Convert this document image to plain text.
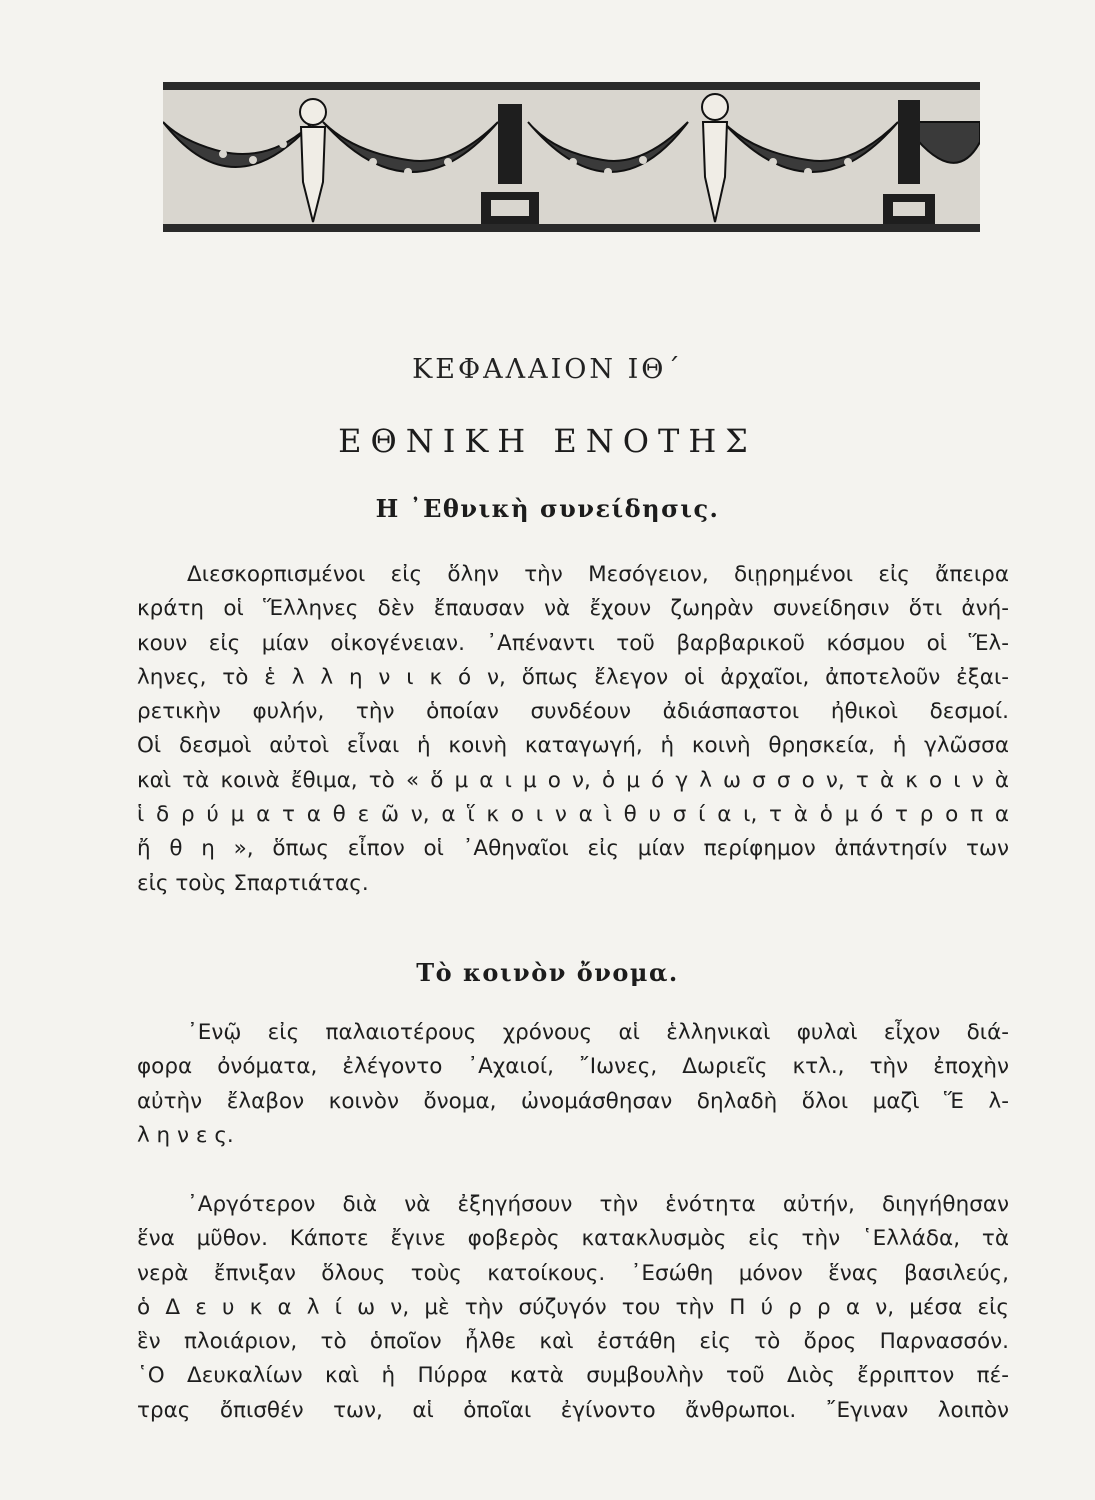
ΚΕΦΑΛΑΙΟΝ ΙΘ΄
ΕΘΝΙΚΗ ΕΝΟΤΗΣ
Η ᾿Εθνικὴ συνείδησις.
Διεσκορπισμένοι εἰς ὅλην τὴν Μεσόγειον, διῃρημένοι εἰς ἄπειρα
κράτη οἱ Ἕλληνες δὲν ἔπαυσαν νὰ ἔχουν ζωηρὰν συνείδησιν ὅτι ἀνή-
κουν εἰς μίαν οἰκογένειαν. ᾿Απέναντι τοῦ βαρβαρικοῦ κόσμου οἱ Ἕλ-
ληνες, τὸ ἑ λ λ η ν ι κ ό ν, ὅπως ἔλεγον οἱ ἀρχαῖοι, ἀποτελοῦν ἐξαι-
ρετικὴν φυλήν, τὴν ὁποίαν συνδέουν ἀδιάσπαστοι ἠθικοὶ δεσμοί.
Οἱ δεσμοὶ αὐτοὶ εἶναι ἡ κοινὴ καταγωγή, ἡ κοινὴ θρησκεία, ἡ γλῶσσα
καὶ τὰ κοινὰ ἔθιμα, τὸ « ὅ μ α ι μ ο ν, ὁ μ ό γ λ ω σ σ ο ν, τ ὰ κ ο ι ν ὰ
ἱ δ ρ ύ μ α τ α θ ε ῶ ν, α ἵ κ ο ι ν α ὶ θ υ σ ί α ι, τ ὰ ὁ μ ό τ ρ ο π α
ἤ θ η », ὅπως εἶπον οἱ ᾿Αθηναῖοι εἰς μίαν περίφημον ἀπάντησίν των
εἰς τοὺς Σπαρτιάτας.
Τὸ κοινὸν ὄνομα.
᾿Ενῷ εἰς παλαιοτέρους χρόνους αἱ ἑλληνικαὶ φυλαὶ εἶχον διά-
φορα ὀνόματα, ἐλέγοντο ᾿Αχαιοί, ῎Ιωνες, Δωριεῖς κτλ., τὴν ἐποχὴν
αὐτὴν ἔλαβον κοινὸν ὄνομα, ὠνομάσθησαν δηλαδὴ ὅλοι μαζὶ Ἕ λ-
λ η ν ε ς.
᾿Αργότερον διὰ νὰ ἐξηγήσουν τὴν ἑνότητα αὐτήν, διηγήθησαν
ἕνα μῦθον. Κάποτε ἔγινε φοβερὸς κατακλυσμὸς εἰς τὴν ῾Ελλάδα, τὰ
νερὰ ἔπνιξαν ὅλους τοὺς κατοίκους. ᾿Εσώθη μόνον ἕνας βασιλεύς,
ὁ Δ ε υ κ α λ ί ω ν, μὲ τὴν σύζυγόν του τὴν Π ύ ρ ρ α ν, μέσα εἰς
ἓν πλοιάριον, τὸ ὁποῖον ἦλθε καὶ ἐστάθη εἰς τὸ ὄρος Παρνασσόν.
῾Ο Δευκαλίων καὶ ἡ Πύρρα κατὰ συμβουλὴν τοῦ Διὸς ἔρριπτον πέ-
τρας ὄπισθέν των, αἱ ὁποῖαι ἐγίνοντο ἄνθρωποι. ῎Εγιναν λοιπὸν
